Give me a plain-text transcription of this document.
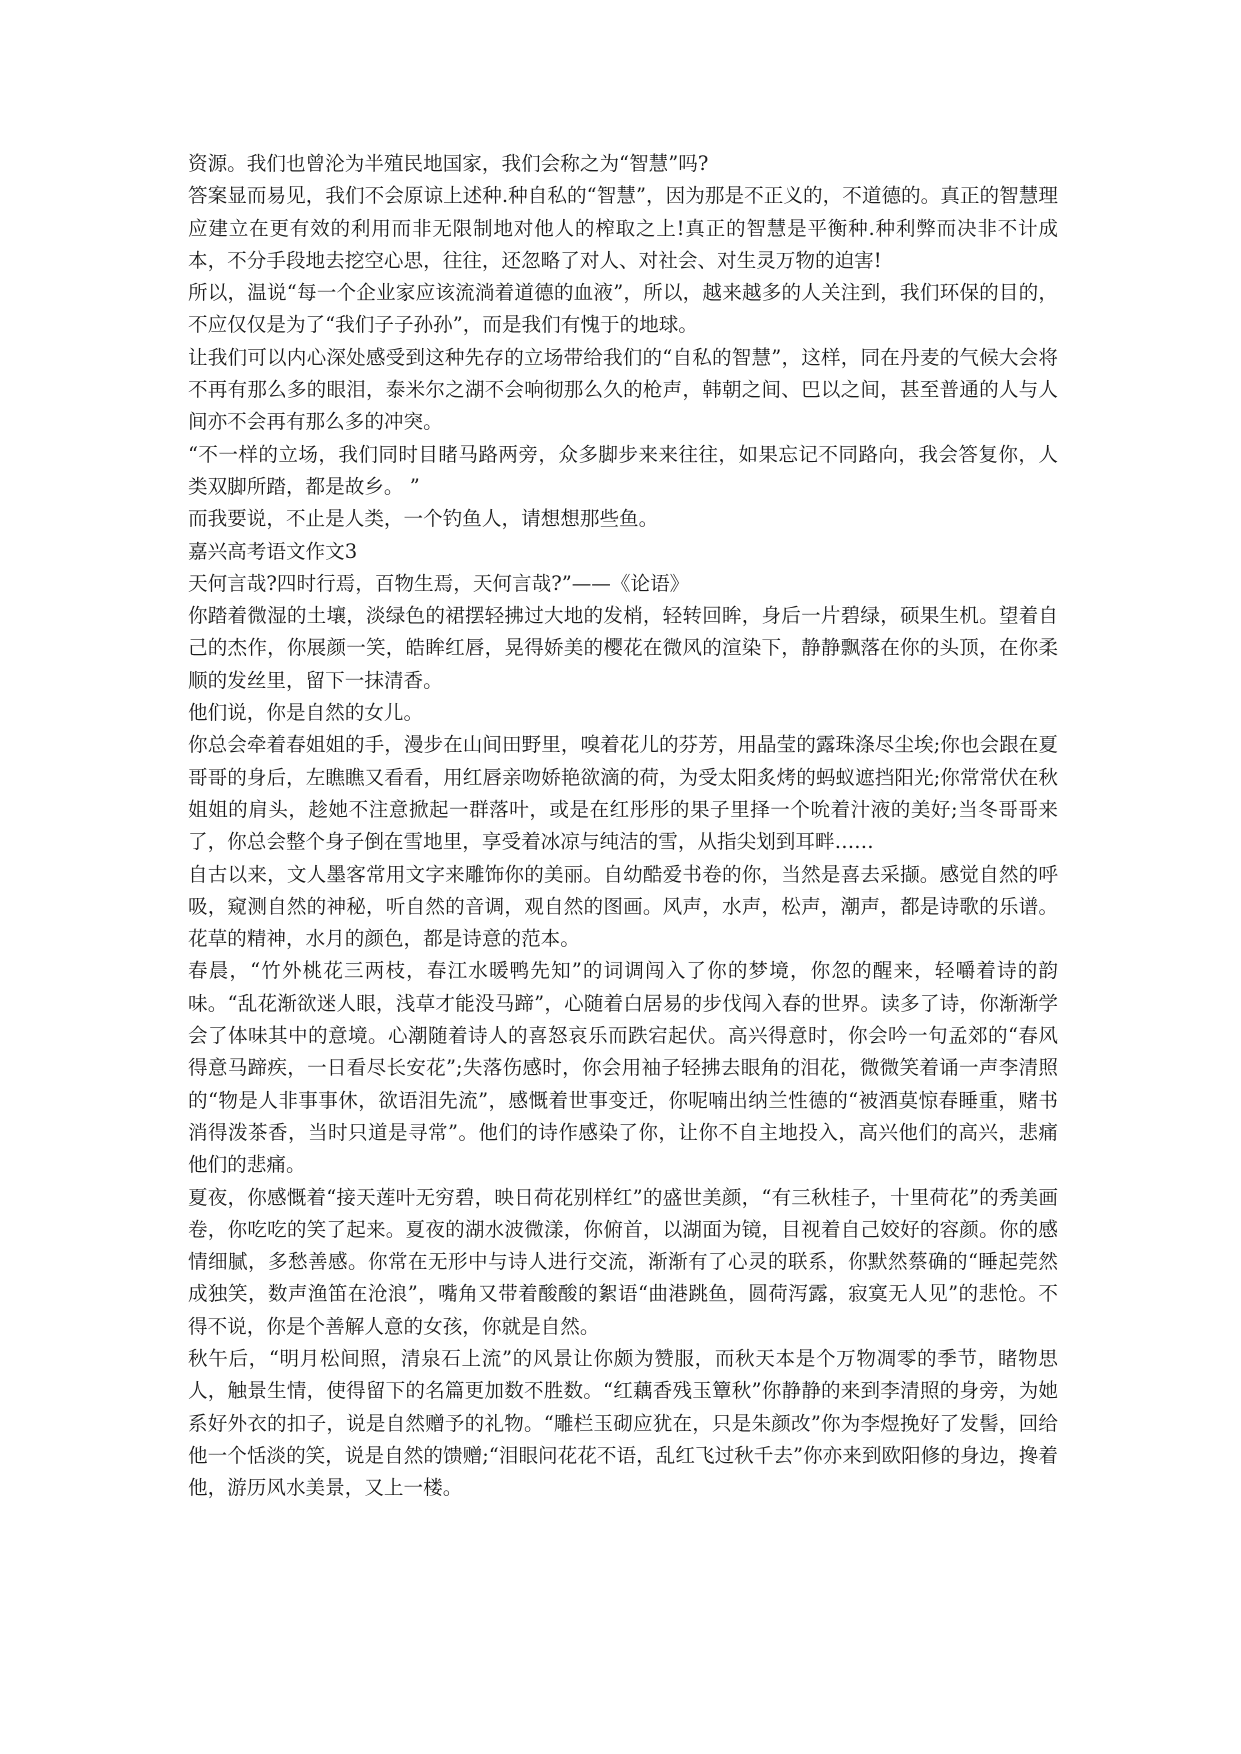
资源。我们也曾沦为半殖民地国家，我们会称之为“智慧”吗?

答案显而易见，我们不会原谅上述种.种自私的“智慧”，因为那是不正义的，不道德的。真正的智慧理应建立在更有效的利用而非无限制地对他人的榨取之上!真正的智慧是平衡种.种利弊而决非不计成本，不分手段地去挖空心思，往往，还忽略了对人、对社会、对生灵万物的迫害!

所以，温说“每一个企业家应该流淌着道德的血液”，所以，越来越多的人关注到，我们环保的目的，不应仅仅是为了“我们子子孙孙”，而是我们有愧于的地球。

让我们可以内心深处感受到这种先存的立场带给我们的“自私的智慧”，这样，同在丹麦的气候大会将不再有那么多的眼泪，泰米尔之湖不会响彻那么久的枪声，韩朝之间、巴以之间，甚至普通的人与人间亦不会再有那么多的冲突。

“不一样的立场，我们同时目睹马路两旁，众多脚步来来往往，如果忘记不同路向，我会答复你，人类双脚所踏，都是故乡。 ”

而我要说，不止是人类，一个钓鱼人，请想想那些鱼。

嘉兴高考语文作文3

天何言哉?四时行焉，百物生焉，天何言哉?”——《论语》

你踏着微湿的土壤，淡绿色的裙摆轻拂过大地的发梢，轻转回眸，身后一片碧绿，硕果生机。望着自己的杰作，你展颜一笑，皓眸红唇，晃得娇美的樱花在微风的渲染下，静静飘落在你的头顶，在你柔顺的发丝里，留下一抹清香。

他们说，你是自然的女儿。

你总会牵着春姐姐的手，漫步在山间田野里，嗅着花儿的芬芳，用晶莹的露珠涤尽尘埃;你也会跟在夏哥哥的身后，左瞧瞧又看看，用红唇亲吻娇艳欲滴的荷，为受太阳炙烤的蚂蚁遮挡阳光;你常常伏在秋姐姐的肩头，趁她不注意掀起一群落叶，或是在红彤彤的果子里择一个吮着汁液的美好;当冬哥哥来了，你总会整个身子倒在雪地里，享受着冰凉与纯洁的雪，从指尖划到耳畔……

自古以来，文人墨客常用文字来雕饰你的美丽。自幼酷爱书卷的你，当然是喜去采撷。感觉自然的呼吸，窥测自然的神秘，听自然的音调，观自然的图画。风声，水声，松声，潮声，都是诗歌的乐谱。花草的精神，水月的颜色，都是诗意的范本。

春晨，“竹外桃花三两枝，春江水暖鸭先知”的词调闯入了你的梦境，你忽的醒来，轻嚼着诗的韵味。“乱花渐欲迷人眼，浅草才能没马蹄”，心随着白居易的步伐闯入春的世界。读多了诗，你渐渐学会了体味其中的意境。心潮随着诗人的喜怒哀乐而跌宕起伏。高兴得意时，你会吟一句孟郊的“春风得意马蹄疾，一日看尽长安花”;失落伤感时，你会用袖子轻拂去眼角的泪花，微微笑着诵一声李清照的“物是人非事事休，欲语泪先流”，感慨着世事变迁，你呢喃出纳兰性德的“被酒莫惊春睡重，赌书消得泼茶香，当时只道是寻常”。他们的诗作感染了你，让你不自主地投入，高兴他们的高兴，悲痛他们的悲痛。

夏夜，你感慨着“接天莲叶无穷碧，映日荷花别样红”的盛世美颜，“有三秋桂子，十里荷花”的秀美画卷，你吃吃的笑了起来。夏夜的湖水波微漾，你俯首，以湖面为镜，目视着自己姣好的容颜。你的感情细腻，多愁善感。你常在无形中与诗人进行交流，渐渐有了心灵的联系，你默然蔡确的“睡起莞然成独笑，数声渔笛在沧浪”，嘴角又带着酸酸的絮语“曲港跳鱼，圆荷泻露，寂寞无人见”的悲怆。不得不说，你是个善解人意的女孩，你就是自然。

秋午后，“明月松间照，清泉石上流”的风景让你颇为赞服，而秋天本是个万物凋零的季节，睹物思人，触景生情，使得留下的名篇更加数不胜数。“红藕香残玉簟秋”你静静的来到李清照的身旁，为她系好外衣的扣子，说是自然赠予的礼物。“雕栏玉砌应犹在，只是朱颜改”你为李煜挽好了发髻，回给他一个恬淡的笑，说是自然的馈赠;“泪眼问花花不语，乱红飞过秋千去”你亦来到欧阳修的身边，搀着他，游历风水美景，又上一楼。
